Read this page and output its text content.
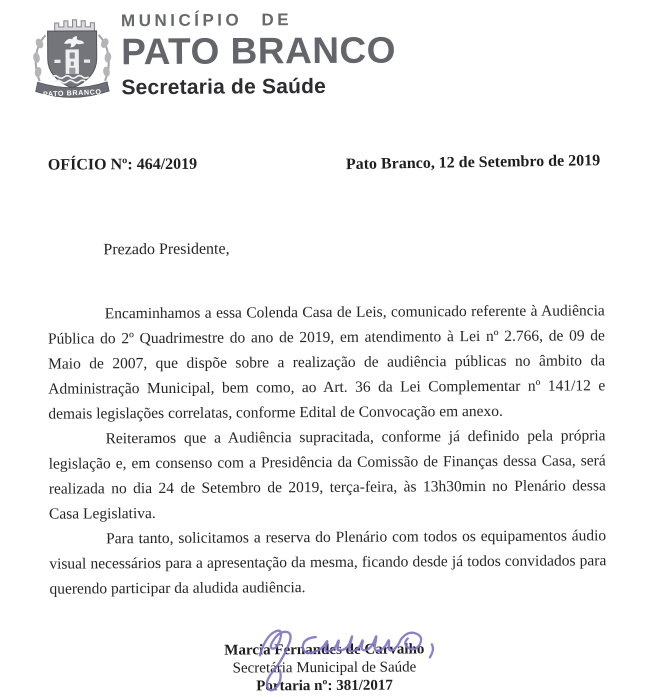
PATO BRANCO
MUNICÍPIO DE
PATO BRANCO
Secretaria de Saúde
OFÍCIO Nº: 464/2019	Pato Branco, 12 de Setembro de 2019
Prezado Presidente,

Encaminhamos a essa Colenda Casa de Leis, comunicado referente à Audiência Pública do 2º Quadrimestre do ano de 2019, em atendimento à Lei nº 2.766, de 09 de Maio de 2007, que dispõe sobre a realização de audiência públicas no âmbito da Administração Municipal, bem como, ao Art. 36 da Lei Complementar nº 141/12 e demais legislações correlatas, conforme Edital de Convocação em anexo.

Reiteramos que a Audiência supracitada, conforme já definido pela própria legislação e, em consenso com a Presidência da Comissão de Finanças dessa Casa, será realizada no dia 24 de Setembro de 2019, terça-feira, às 13h30min no Plenário dessa Casa Legislativa.

Para tanto, solicitamos a reserva do Plenário com todos os equipamentos áudio visual necessários para a apresentação da mesma, ficando desde já todos convidados para querendo participar da aludida audiência.

Marcia Fernandes de Carvalho
Secretária Municipal de Saúde
Portaria nº: 381/2017
